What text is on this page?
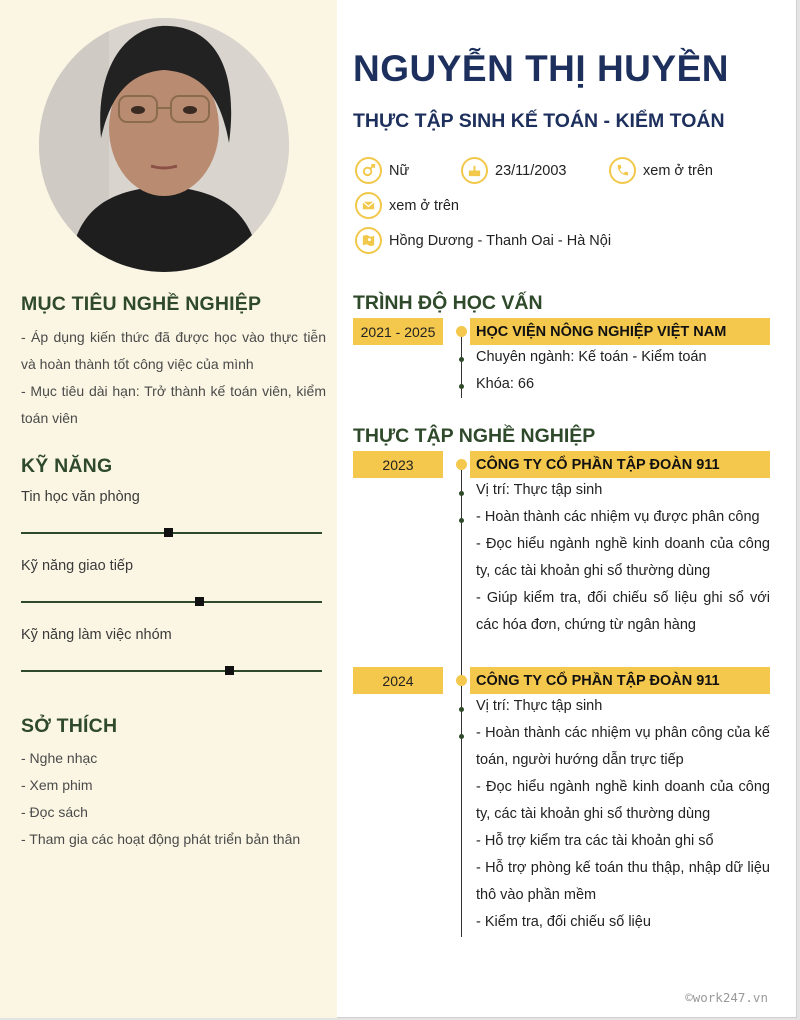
MỤC TIÊU NGHỀ NGHIỆP
- Áp dụng kiến thức đã được học vào thực tiễn và hoàn thành tốt công việc của mình
- Mục tiêu dài hạn: Trở thành kế toán viên, kiểm toán viên
KỸ NĂNG
Tin học văn phòng
Kỹ năng giao tiếp
Kỹ năng làm việc nhóm
SỞ THÍCH
- Nghe nhạc
- Xem phim
- Đọc sách
- Tham gia các hoạt động phát triển bản thân
NGUYỄN THỊ HUYỀN
THỰC TẬP SINH KẾ TOÁN - KIỂM TOÁN
Nữ	23/11/2003	xem ở trên
xem ở trên
Hồng Dương - Thanh Oai - Hà Nội
TRÌNH ĐỘ HỌC VẤN
2021 - 2025	HỌC VIỆN NÔNG NGHIỆP VIỆT NAM
Chuyên ngành: Kế toán - Kiểm toán
Khóa: 66
THỰC TẬP NGHỀ NGHIỆP
2023	CÔNG TY CỔ PHẦN TẬP ĐOÀN 911
Vị trí: Thực tập sinh
- Hoàn thành các nhiệm vụ được phân công
- Đọc hiểu ngành nghề kinh doanh của công ty, các tài khoản ghi sổ thường dùng
- Giúp kiểm tra, đối chiếu số liệu ghi sổ với các hóa đơn, chứng từ ngân hàng
2024	CÔNG TY CỔ PHẦN TẬP ĐOÀN 911
Vị trí: Thực tập sinh
- Hoàn thành các nhiệm vụ phân công của kế toán, người hướng dẫn trực tiếp
- Đọc hiểu ngành nghề kinh doanh của công ty, các tài khoản ghi sổ thường dùng
- Hỗ trợ kiểm tra các tài khoản ghi sổ
- Hỗ trợ phòng kế toán thu thập, nhập dữ liệu thô vào phần mềm
- Kiểm tra, đối chiếu số liệu
©work247.vn
